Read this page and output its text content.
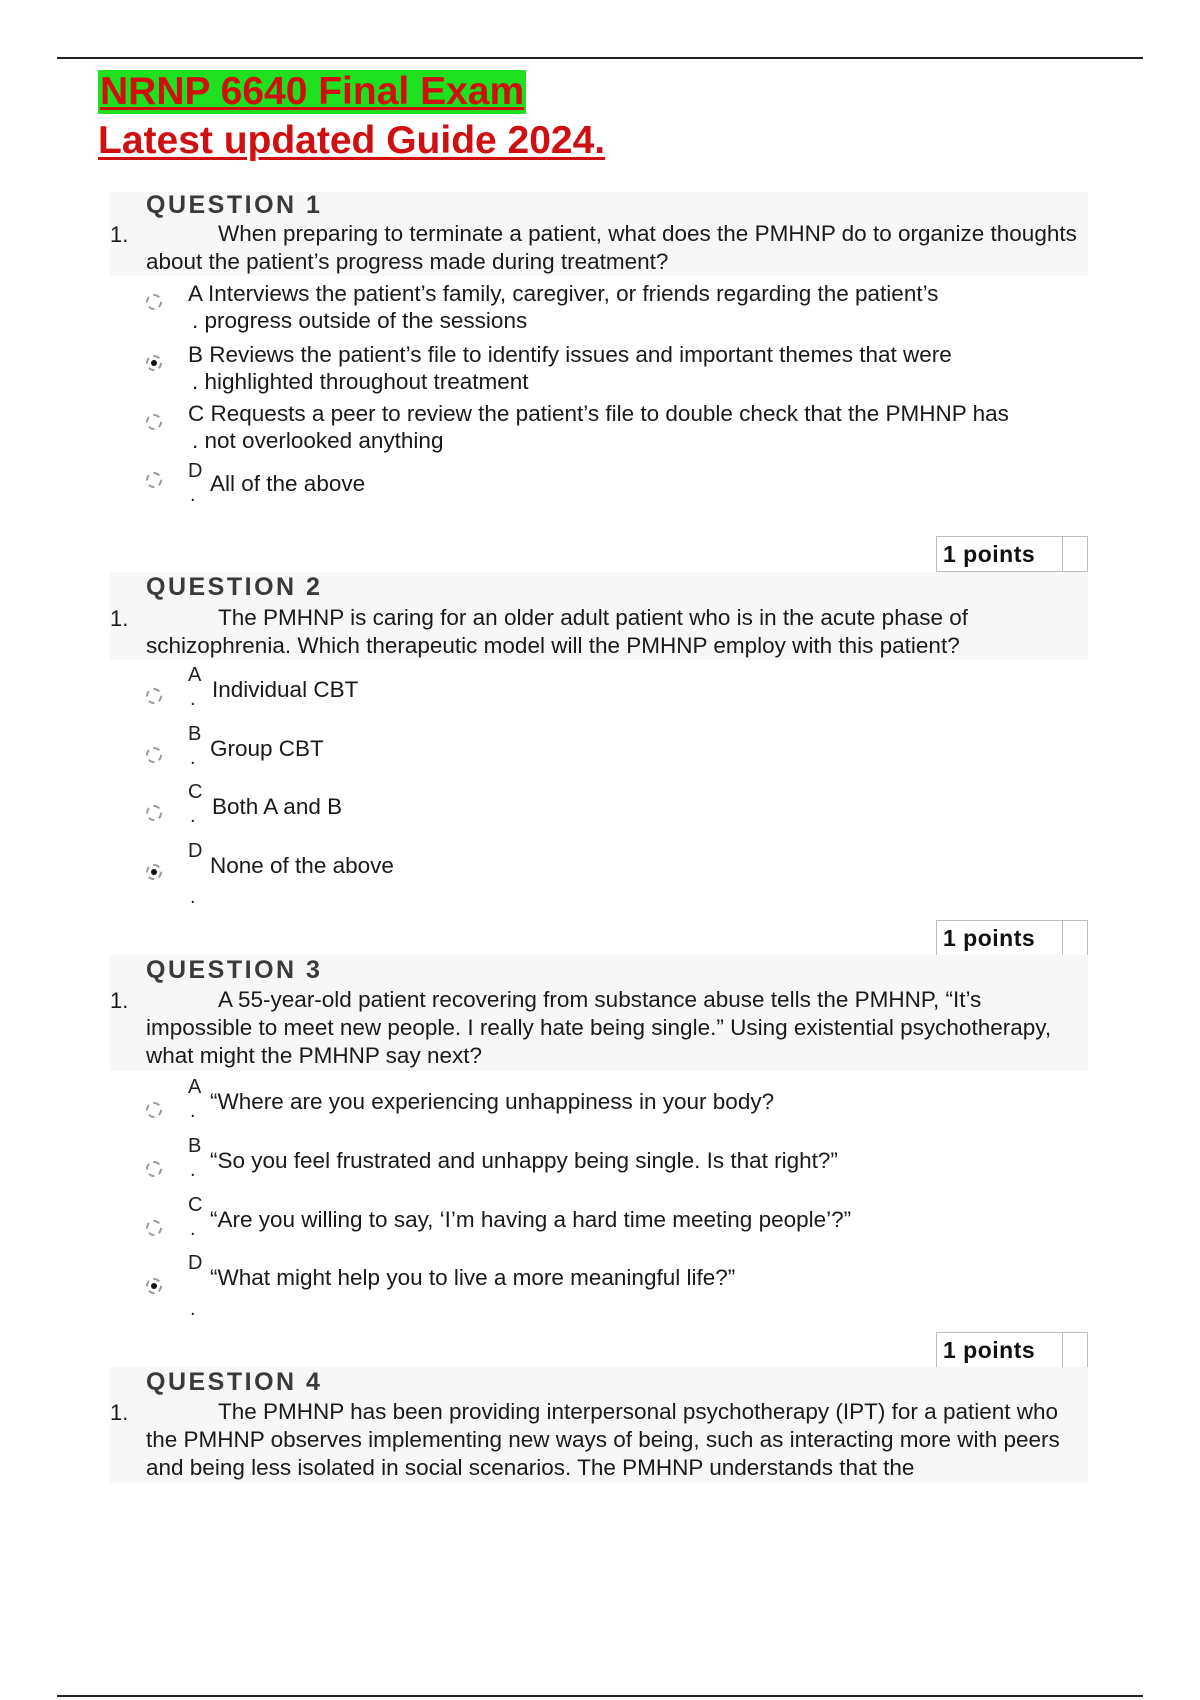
NRNP 6640 Final Exam
Latest updated Guide 2024.
QUESTION 1
1.	When preparing to terminate a patient, what does the PMHNP do to organize thoughts about the patient’s progress made during treatment?
A Interviews the patient’s family, caregiver, or friends regarding the patient’s
. progress outside of the sessions
B Reviews the patient’s file to identify issues and important themes that were
. highlighted throughout treatment
C Requests a peer to review the patient’s file to double check that the PMHNP has
. not overlooked anything
D
. All of the above
1 points
QUESTION 2
1.	The PMHNP is caring for an older adult patient who is in the acute phase of schizophrenia. Which therapeutic model will the PMHNP employ with this patient?
A
. Individual CBT
B
. Group CBT
C
. Both A and B
D
.
None of the above
1 points
QUESTION 3
1.	A 55-year-old patient recovering from substance abuse tells the PMHNP, “It’s impossible to meet new people. I really hate being single.” Using existential psychotherapy, what might the PMHNP say next?
A
. “Where are you experiencing unhappiness in your body?
B
. “So you feel frustrated and unhappy being single. Is that right?”
C
. “Are you willing to say, ‘I’m having a hard time meeting people’?”
D
.
“What might help you to live a more meaningful life?”
1 points
QUESTION 4
1.	The PMHNP has been providing interpersonal psychotherapy (IPT) for a patient who the PMHNP observes implementing new ways of being, such as interacting more with peers and being less isolated in social scenarios. The PMHNP understands that the
